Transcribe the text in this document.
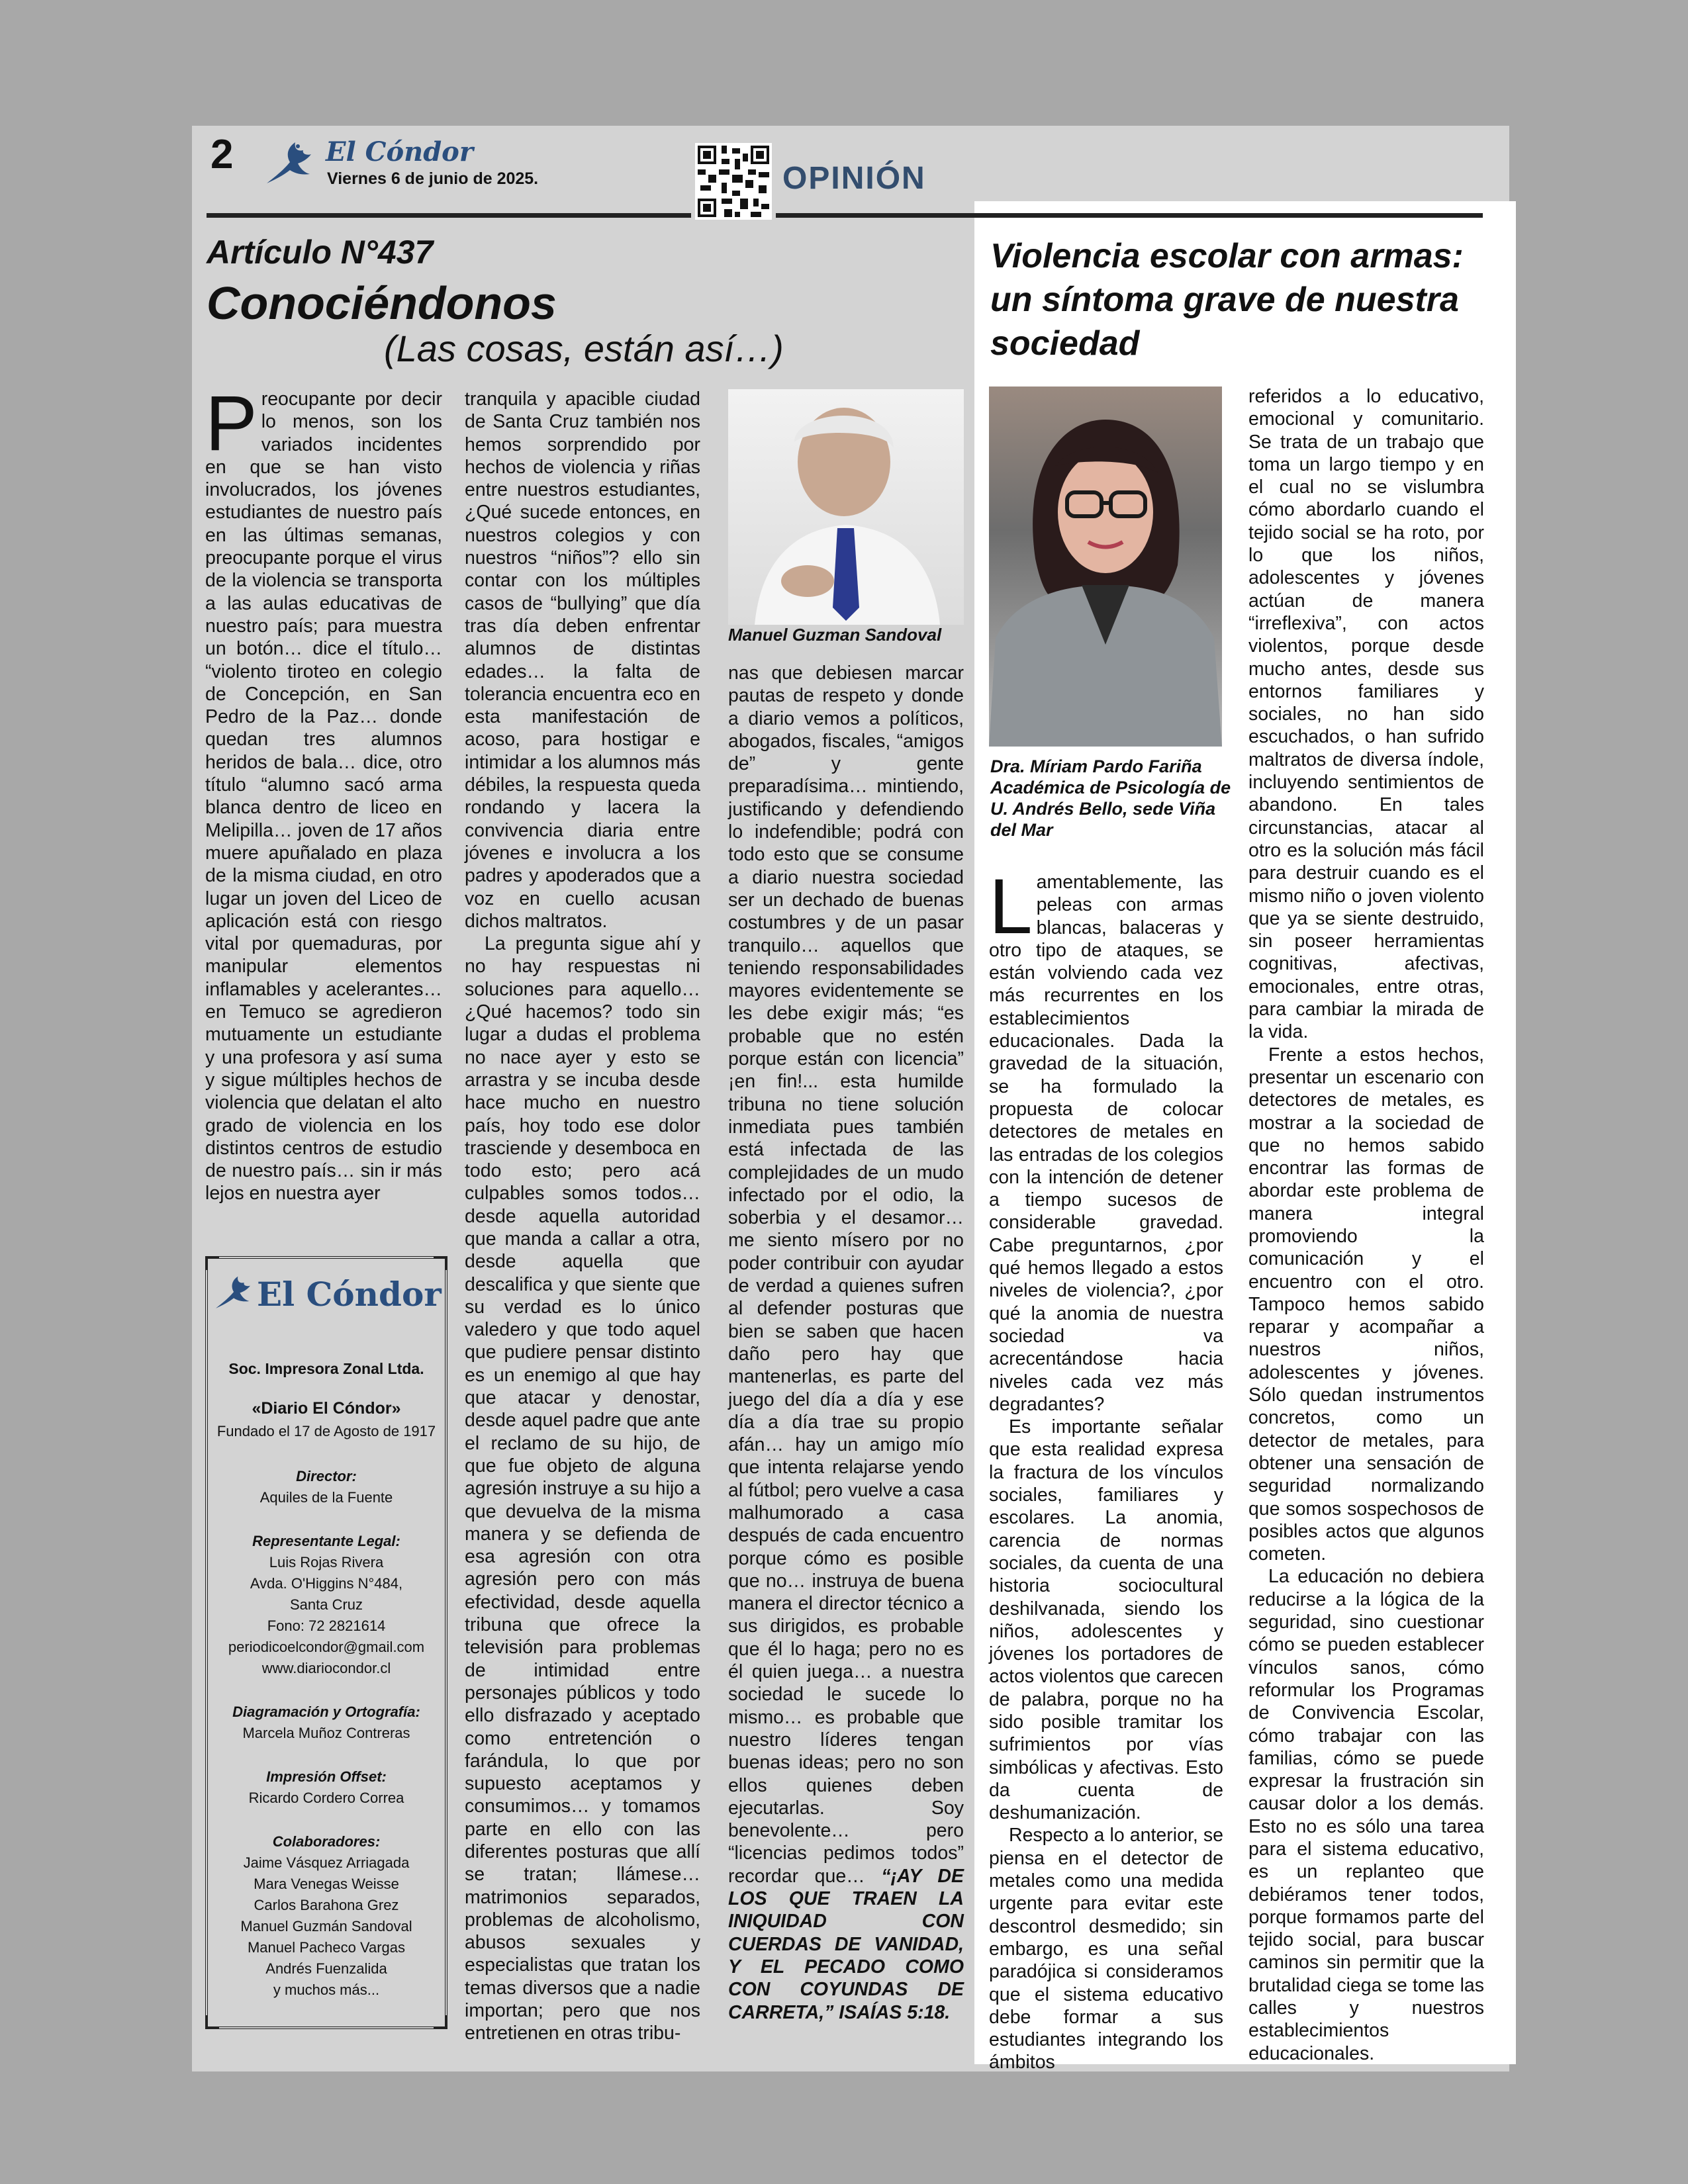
2	El Cóndor
Viernes 6 de junio de 2025.	OPINIÓN
Artículo N°437
Conociéndonos
(Las cosas, están así…)

Preocupante por decir lo menos, son los variados incidentes en que se han visto involucrados, los jóvenes estudiantes de nuestro país en las últimas semanas, preocupante porque el virus de la violencia se transporta a las aulas educativas de nuestro país; para muestra un botón… dice el título… “violento tiroteo en colegio de Concepción, en San Pedro de la Paz… donde quedan tres alumnos heridos de bala… dice, otro título “alumno sacó arma blanca dentro de liceo en Melipilla… joven de 17 años muere apuñalado en plaza de la misma ciudad, en otro lugar un joven del Liceo de aplicación está con riesgo vital por quemaduras, por manipular elementos inflamables y acelerantes… en Temuco se agredieron mutuamente un estudiante y una profesora y así suma y sigue múltiples hechos de violencia que delatan el alto grado de violencia en los distintos centros de estudio de nuestro país… sin ir más lejos en nuestra ayer

El Cóndor
Soc. Impresora Zonal Ltda.
«Diario El Cóndor»
Fundado el 17 de Agosto de 1917
Director:
Aquiles de la Fuente
Representante Legal:
Luis Rojas Rivera
Avda. O'Higgins N°484,
Santa Cruz
Fono: 72 2821614
periodicoelcondor@gmail.com
www.diariocondor.cl
Diagramación y Ortografía:
Marcela Muñoz Contreras
Impresión Offset:
Ricardo Cordero Correa
Colaboradores:
Jaime Vásquez Arriagada
Mara Venegas Weisse
Carlos Barahona Grez
Manuel Guzmán Sandoval
Manuel Pacheco Vargas
Andrés Fuenzalida
y muchos más...

tranquila y apacible ciudad de Santa Cruz también nos hemos sorprendido por hechos de violencia y riñas entre nuestros estudiantes, ¿Qué sucede entonces, en nuestros colegios y con nuestros “niños”? ello sin contar con los múltiples casos de “bullying” que día tras día deben enfrentar alumnos de distintas edades… la falta de tolerancia encuentra eco en esta manifestación de acoso, para hostigar e intimidar a los alumnos más débiles, la respuesta queda rondando y lacera la convivencia diaria entre jóvenes e involucra a los padres y apoderados que a voz en cuello acusan dichos maltratos.

La pregunta sigue ahí y no hay respuestas ni soluciones para aquello… ¿Qué hacemos? todo sin lugar a dudas el problema no nace ayer y esto se arrastra y se incuba desde hace mucho en nuestro país, hoy todo ese dolor trasciende y desemboca en todo esto; pero acá culpables somos todos… desde aquella autoridad que manda a callar a otra, desde aquella que descalifica y que siente que su verdad es lo único valedero y que todo aquel que pudiere pensar distinto es un enemigo al que hay que atacar y denostar, desde aquel padre que ante el reclamo de su hijo, de que fue objeto de alguna agresión instruye a su hijo a que devuelva de la misma manera y se defienda de esa agresión con otra agresión pero con más efectividad, desde aquella tribuna que ofrece la televisión para problemas de intimidad entre personajes públicos y todo ello disfrazado y aceptado como entretención o farándula, lo que por supuesto aceptamos y consumimos… y tomamos parte en ello con las diferentes posturas que allí se tratan; llámese… matrimonios separados, problemas de alcoholismo, abusos sexuales y especialistas que tratan los temas diversos que a nadie importan; pero que nos entretienen en otras tribu-

Manuel Guzman Sandoval

nas que debiesen marcar pautas de respeto y donde a diario vemos a políticos, abogados, fiscales, “amigos de” y gente preparadísima… mintiendo, justificando y defendiendo lo indefendible; podrá con todo esto que se consume a diario nuestra sociedad ser un dechado de buenas costumbres y de un pasar tranquilo… aquellos que teniendo responsabilidades mayores evidentemente se les debe exigir más; “es probable que no estén porque están con licencia” ¡en fin!... esta humilde tribuna no tiene solución inmediata pues también está infectada de las complejidades de un mudo infectado por el odio, la soberbia y el desamor… me siento mísero por no poder contribuir con ayudar de verdad a quienes sufren al defender posturas que bien se saben que hacen daño pero hay que mantenerlas, es parte del juego del día a día y ese día a día trae su propio afán… hay un amigo mío que intenta relajarse yendo al fútbol; pero vuelve a casa malhumorado a casa después de cada encuentro porque cómo es posible que no… instruya de buena manera el director técnico a sus dirigidos, es probable que él lo haga; pero no es él quien juega… a nuestra sociedad le sucede lo mismo… es probable que nuestro líderes tengan buenas ideas; pero no son ellos quienes deben ejecutarlas. Soy benevolente… pero “licencias pedimos todos” recordar que… “¡AY DE LOS QUE TRAEN LA INIQUIDAD CON CUERDAS DE VANIDAD, Y EL PECADO COMO CON COYUNDAS DE CARRETA,” ISAÍAS 5:18.

Violencia escolar con armas: un síntoma grave de nuestra sociedad
Dra. Míriam Pardo Fariña Académica de Psicología de U. Andrés Bello, sede Viña del Mar

Lamentablemente, las peleas con armas blancas, balaceras y otro tipo de ataques, se están volviendo cada vez más recurrentes en los establecimientos educacionales. Dada la gravedad de la situación, se ha formulado la propuesta de colocar detectores de metales en las entradas de los colegios con la intención de detener a tiempo sucesos de considerable gravedad. Cabe preguntarnos, ¿por qué hemos llegado a estos niveles de violencia?, ¿por qué la anomia de nuestra sociedad va acrecentándose hacia niveles cada vez más degradantes?

Es importante señalar que esta realidad expresa la fractura de los vínculos sociales, familiares y escolares. La anomia, carencia de normas sociales, da cuenta de una historia sociocultural deshilvanada, siendo los niños, adolescentes y jóvenes los portadores de actos violentos que carecen de palabra, porque no ha sido posible tramitar los sufrimientos por vías simbólicas y afectivas. Esto da cuenta de deshumanización.

Respecto a lo anterior, se piensa en el detector de metales como una medida urgente para evitar este descontrol desmedido; sin embargo, es una señal paradójica si consideramos que el sistema educativo debe formar a sus estudiantes integrando los ámbitos

referidos a lo educativo, emocional y comunitario. Se trata de un trabajo que toma un largo tiempo y en el cual no se vislumbra cómo abordarlo cuando el tejido social se ha roto, por lo que los niños, adolescentes y jóvenes actúan de manera “irreflexiva”, con actos violentos, porque desde mucho antes, desde sus entornos familiares y sociales, no han sido escuchados, o han sufrido maltratos de diversa índole, incluyendo sentimientos de abandono. En tales circunstancias, atacar al otro es la solución más fácil para destruir cuando es el mismo niño o joven violento que ya se siente destruido, sin poseer herramientas cognitivas, afectivas, emocionales, entre otras, para cambiar la mirada de la vida.

Frente a estos hechos, presentar un escenario con detectores de metales, es mostrar a la sociedad de que no hemos sabido encontrar las formas de abordar este problema de manera integral promoviendo la comunicación y el encuentro con el otro. Tampoco hemos sabido reparar y acompañar a nuestros niños, adolescentes y jóvenes. Sólo quedan instrumentos concretos, como un detector de metales, para obtener una sensación de seguridad normalizando que somos sospechosos de posibles actos que algunos cometen.

La educación no debiera reducirse a la lógica de la seguridad, sino cuestionar cómo se pueden establecer vínculos sanos, cómo reformular los Programas de Convivencia Escolar, cómo trabajar con las familias, cómo se puede expresar la frustración sin causar dolor a los demás. Esto no es sólo una tarea para el sistema educativo, es un replanteo que debiéramos tener todos, porque formamos parte del tejido social, para buscar caminos sin permitir que la brutalidad ciega se tome las calles y nuestros establecimientos educacionales.
